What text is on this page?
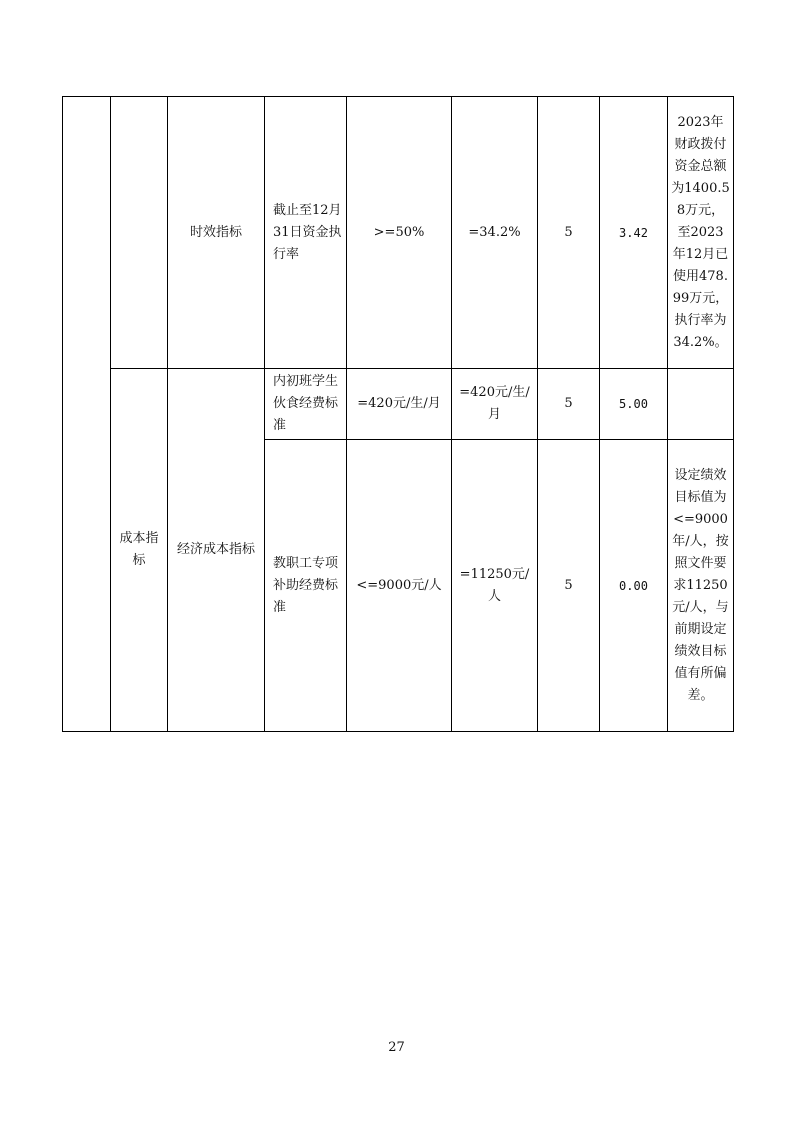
		时效指标	截止至12月31日资金执行率	>=50%	=34.2%	5	3.42	2023年财政拨付资金总额为1400.58万元，至2023年12月已使用478.99万元，执行率为34.2%。
	成本指标	经济成本指标	内初班学生伙食经费标准	=420元/生/月	=420元/生/月	5	5.00	
			教职工专项补助经费标准	<=9000元/人	=11250元/人	5	0.00	设定绩效目标值为<=9000年/人，按照文件要求11250元/人，与前期设定绩效目标值有所偏差。
27
